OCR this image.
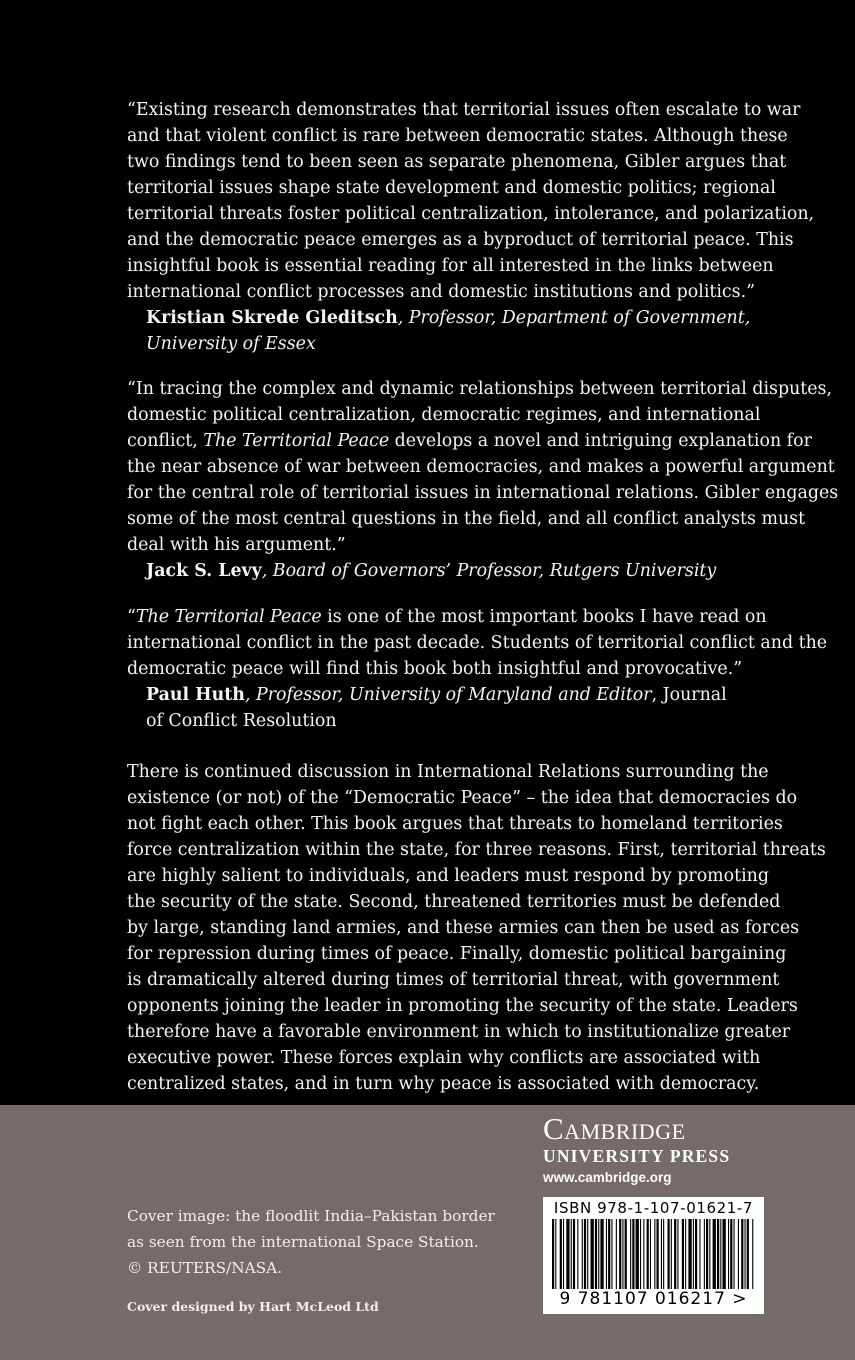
“Existing research demonstrates that territorial issues often escalate to war
and that violent conflict is rare between democratic states. Although these
two findings tend to been seen as separate phenomena, Gibler argues that
territorial issues shape state development and domestic politics; regional
territorial threats foster political centralization, intolerance, and polarization,
and the democratic peace emerges as a byproduct of territorial peace. This
insightful book is essential reading for all interested in the links between
international conflict processes and domestic institutions and politics.”
Kristian Skrede Gleditsch, Professor, Department of Government,
University of Essex
“In tracing the complex and dynamic relationships between territorial disputes,
domestic political centralization, democratic regimes, and international
conflict, The Territorial Peace develops a novel and intriguing explanation for
the near absence of war between democracies, and makes a powerful argument
for the central role of territorial issues in international relations. Gibler engages
some of the most central questions in the field, and all conflict analysts must
deal with his argument.”
Jack S. Levy, Board of Governors’ Professor, Rutgers University
“The Territorial Peace is one of the most important books I have read on
international conflict in the past decade. Students of territorial conflict and the
democratic peace will find this book both insightful and provocative.”
Paul Huth, Professor, University of Maryland and Editor, Journal
of Conflict Resolution
There is continued discussion in International Relations surrounding the
existence (or not) of the “Democratic Peace” – the idea that democracies do
not fight each other. This book argues that threats to homeland territories
force centralization within the state, for three reasons. First, territorial threats
are highly salient to individuals, and leaders must respond by promoting
the security of the state. Second, threatened territories must be defended
by large, standing land armies, and these armies can then be used as forces
for repression during times of peace. Finally, domestic political bargaining
is dramatically altered during times of territorial threat, with government
opponents joining the leader in promoting the security of the state. Leaders
therefore have a favorable environment in which to institutionalize greater
executive power. These forces explain why conflicts are associated with
centralized states, and in turn why peace is associated with democracy.
Cambridge
UNIVERSITY PRESS
www.cambridge.org
Cover image: the floodlit India–Pakistan border
as seen from the international Space Station.
© REUTERS/NASA.
Cover designed by Hart McLeod Ltd
ISBN 978-1-107-01621-7
9 781107 016217 >
